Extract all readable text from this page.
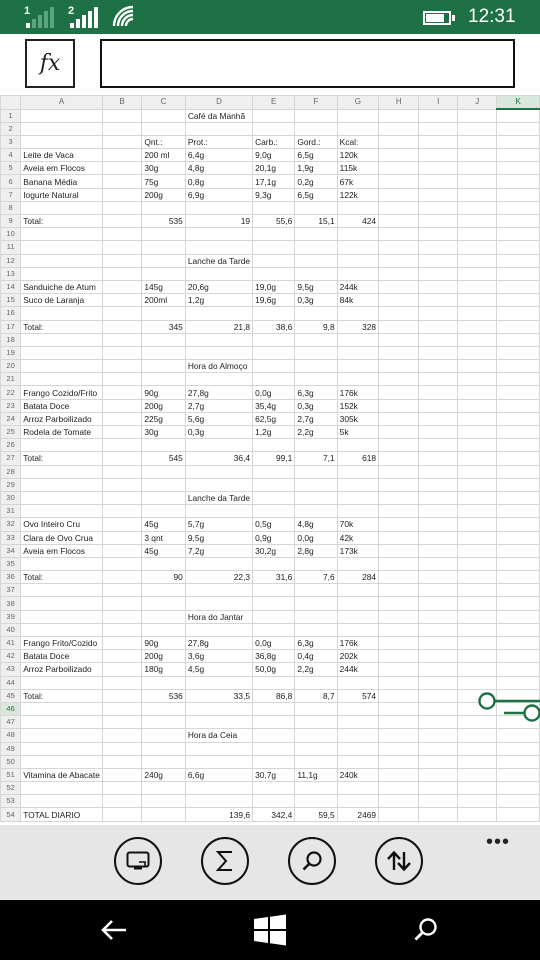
1	2	12:31
fx
	A	B	C	D	E	F	G	H	I	J	K
1				Café da Manhã							
2											
3			Qnt.:	Prot.:	Carb.:	Gord.:	Kcal:				
4	Leite de Vaca		200 ml	6,4g	9,0g	6,5g	120k				
5	Aveia em Flocos		30g	4,8g	20,1g	1,9g	115k				
6	Banana Média		75g	0,8g	17,1g	0,2g	67k				
7	Iogurte Natural		200g	6,9g	9,3g	6,5g	122k				
8											
9	Total:		535	19	55,6	15,1	424				
10											
11											
12				Lanche da Tarde							
13											
14	Sanduiche de Atum		145g	20,6g	19,0g	9,5g	244k				
15	Suco de Laranja		200ml	1,2g	19,6g	0,3g	84k				
16											
17	Total:		345	21,8	38,6	9,8	328				
18											
19											
20				Hora do Almoço							
21											
22	Frango Cozido/Frito		90g	27,8g	0,0g	6,3g	176k				
23	Batata Doce		200g	2,7g	35,4g	0,3g	152k				
24	Arroz Parboilizado		225g	5,6g	62,5g	2,7g	305k				
25	Rodela de Tomate		30g	0,3g	1,2g	2,2g	5k				
26											
27	Total:		545	36,4	99,1	7,1	618				
28											
29											
30				Lanche da Tarde							
31											
32	Ovo Inteiro Cru		45g	5,7g	0,5g	4,8g	70k				
33	Clara de Ovo Crua		3 qnt	9,5g	0,9g	0,0g	42k				
34	Aveia em Flocos		45g	7,2g	30,2g	2,8g	173k				
35											
36	Total:		90	22,3	31,6	7,6	284				
37											
38											
39				Hora do Jantar							
40											
41	Frango Frito/Cozido		90g	27,8g	0,0g	6,3g	176k				
42	Batata Doce		200g	3,6g	36,8g	0,4g	202k				
43	Arroz Parboilizado		180g	4,5g	50,0g	2,2g	244k				
44											
45	Total:		536	33,5	86,8	8,7	574				
46											
47											
48				Hora da Ceia							
49											
50											
51	Vitamina de Abacate		240g	6,6g	30,7g	11,1g	240k				
52											
53											
54	TOTAL DIARIO			139,6	342,4	59,5	2469				
•••
